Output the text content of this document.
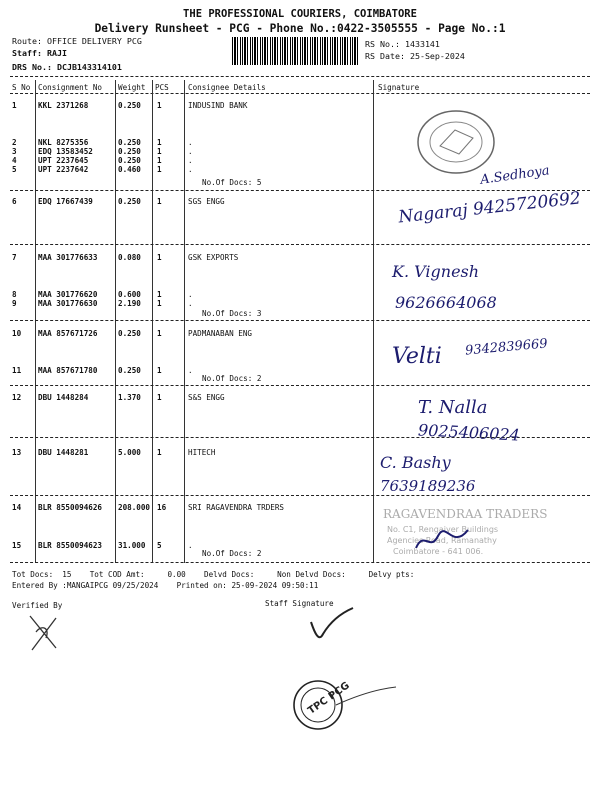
THE PROFESSIONAL COURIERS, COIMBATORE
Delivery Runsheet - PCG - Phone No.:0422-3505555 - Page No.:1
Route: OFFICE DELIVERY PCG
Staff: RAJI
DRS No.: DCJB143314101
RS No.: 1433141
RS Date: 25-Sep-2024
S No Consignment No Weight PCS	Consignee Details	Signature
1	KKL 2371268	0.250 1	INDUSIND BANK
2	NKL 8275356	0.250 1	.
3	EDQ 13583452	0.250 1	.
4	UPT 2237645	0.250 1	.
5	UPT 2237642	0.460 1	.
6	EDQ 17667439	0.250 1	SGS ENGG
7	MAA 301776633	0.080 1	GSK EXPORTS
8	MAA 301776620	0.600 1	.
9	MAA 301776630	2.190 1	.
10 MAA 857671726	0.250 1	PADMANABAN ENG
11 MAA 857671780	0.250 1	.
12 DBU 1448284	1.370 1	S&S ENGG
13 DBU 1448281	5.000 1	HITECH
14 BLR 8550094626 208.000 16	SRI RAGAVENDRA TRDERS
15 BLR 8550094623 31.000 5	.
No.Of Docs: 5
No.Of Docs: 3
No.Of Docs: 2
No.Of Docs: 2
A.Sedhoya
Nagaraj 9425720692
K. Vignesh
9626664068
Velti 9342839669
T. Nalla
9025406024
C. Bashy
7639189236
RAGAVENDRAA TRADERS
No. C1, Rengaiyer Buildings
Agencies Road, Ramanathy
Coimbatore - 641 006.
Tot Docs:  15    Tot COD Amt:     0.00    Delvd Docs:     Non Delvd Docs:     Delvy pts:
Entered By :MANGAIPCG 09/25/2024    Printed on: 25-09-2024 09:50:11
Verified By	Staff Signature
TPC PCG
